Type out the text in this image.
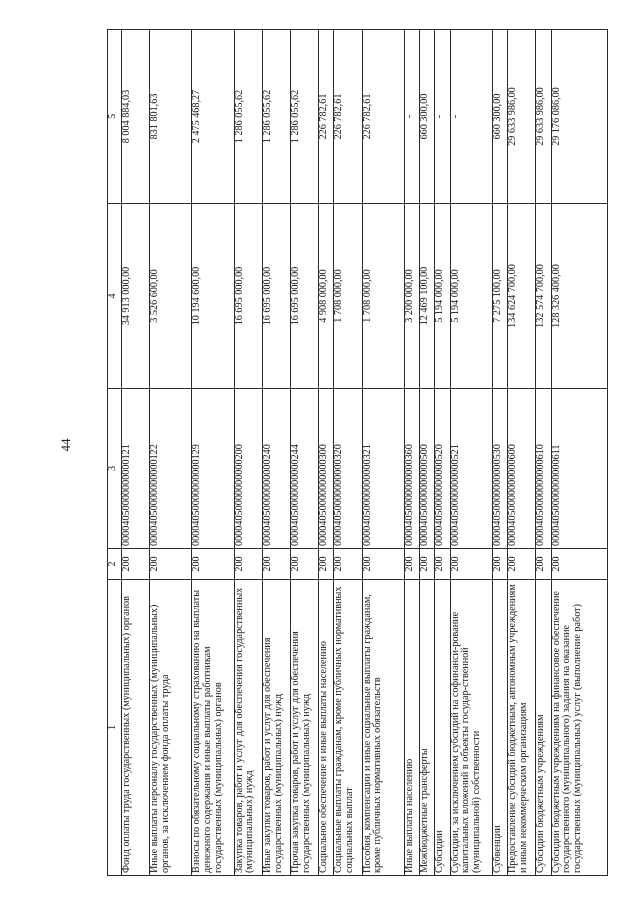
44
1	2	3	4	5
Фонд оплаты труда государственных (муниципальных) органов	200	00004050000000000121	34 913 000,00	8 004 884,03
Иные выплаты персоналу государственных (муниципальных) органов, за исключением фонда оплаты труда	200	00004050000000000122	3 526 600,00	831 801,63
Взносы по обязательному социальному страхованию на выплаты денежного содержания и иные выплаты работникам государственных (муниципальных) органов	200	00004050000000000129	10 194 600,00	2 475 468,27
Закупка товаров, работ и услуг для обеспечения государственных (муниципальных) нужд	200	00004050000000000200	16 695 000,00	1 286 055,62
Иные закупки товаров, работ и услуг для обеспечения государственных (муниципальных) нужд	200	00004050000000000240	16 695 000,00	1 286 055,62
Прочая закупка товаров, работ и услуг для обеспечения государственных (муниципальных) нужд	200	00004050000000000244	16 695 000,00	1 286 055,62
Социальное обеспечение и иные выплаты населению	200	00004050000000000300	4 908 000,00	226 782,61
Социальные выплаты гражданам, кроме публичных нормативных социальных выплат	200	00004050000000000320	1 708 000,00	226 782,61
Пособия, компенсации и иные социальные выплаты гражданам, кроме публичных нормативных обязательств	200	00004050000000000321	1 708 000,00	226 782,61
Иные выплаты населению	200	00004050000000000360	3 200 000,00	-
Межбюджетные трансферты	200	00004050000000000500	12 469 100,00	660 300,00
Субсидии	200	00004050000000000520	5 194 000,00	-
Субсидии, за исключением субсидий на софинанси-рование капитальных вложений в объекты государ-ственной (муниципальной) собственности	200	00004050000000000521	5 194 000,00	-
Субвенции	200	00004050000000000530	7 275 100,00	660 300,00
Предоставление субсидий бюджетным, автономным учреждениям и иным некоммерческим организациям	200	00004050000000000600	134 624 700,00	29 633 986,00
Субсидии бюджетным учреждениям	200	00004050000000000610	132 574 700,00	29 633 986,00
Субсидии бюджетным учреждениям на финансовое обеспечение государственного (муниципального) задания на оказание государственных (муниципальных) услуг (выполнение работ)	200	00004050000000000611	128 326 400,00	29 176 086,00
